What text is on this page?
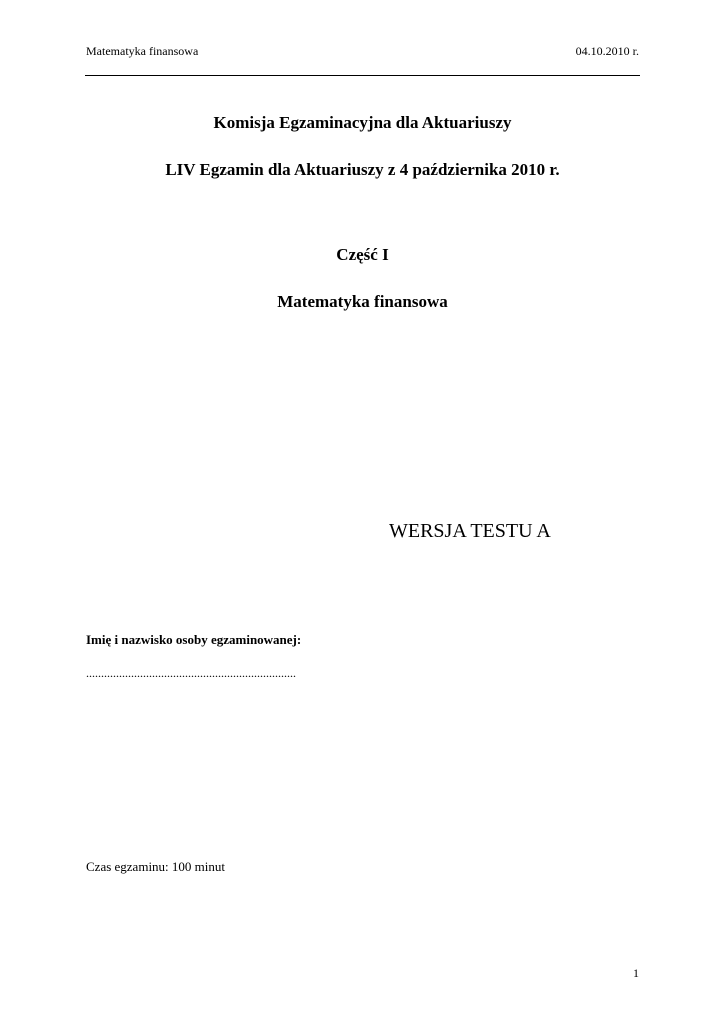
Matematyka finansowa	04.10.2010 r.
Komisja Egzaminacyjna dla Aktuariuszy
LIV Egzamin dla Aktuariuszy z 4 października 2010 r.
Część I
Matematyka finansowa
WERSJA TESTU A
Imię i nazwisko osoby egzaminowanej:
......................................................................
Czas egzaminu: 100 minut
1
